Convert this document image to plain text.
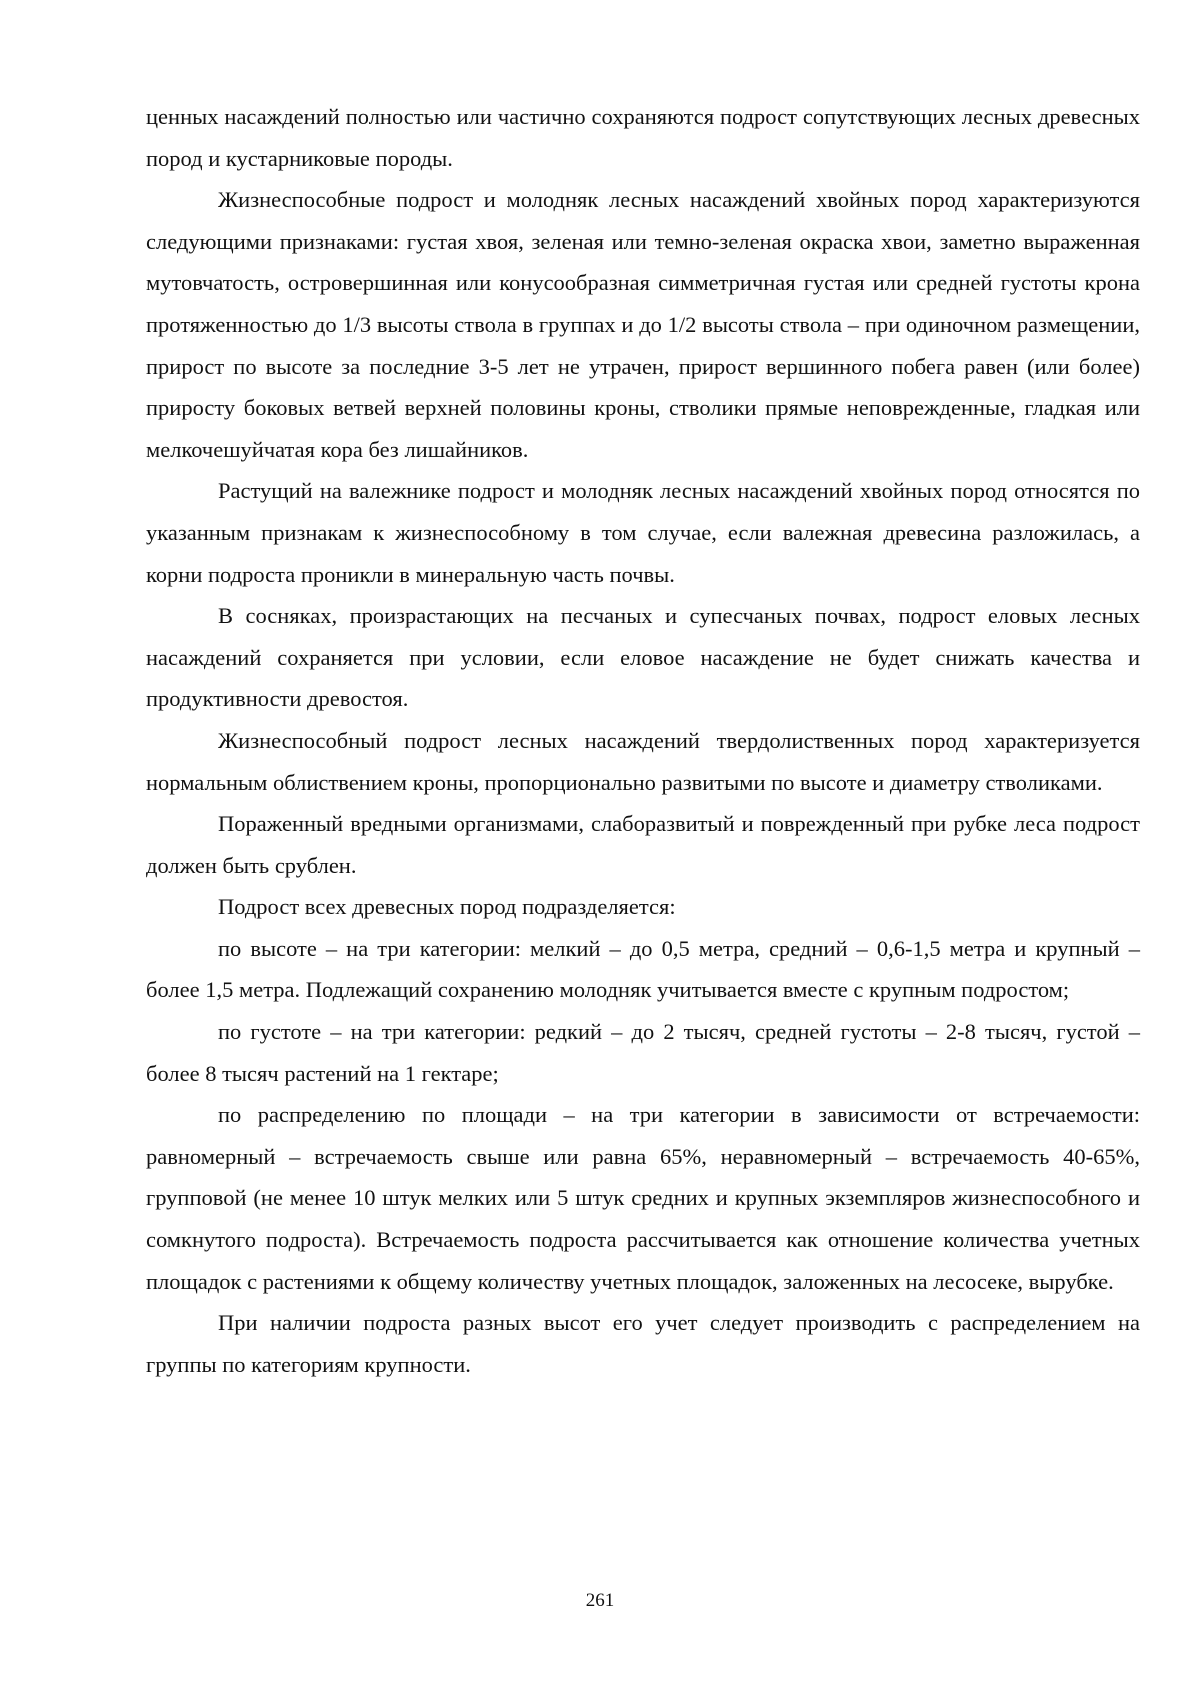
ценных насаждений полностью или частично сохраняются подрост сопутствующих лесных древесных пород и кустарниковые породы.

Жизнеспособные подрост и молодняк лесных насаждений хвойных пород характеризуются следующими признаками: густая хвоя, зеленая или темно-зеленая окраска хвои, заметно выраженная мутовчатость, островершинная или конусообразная симметричная густая или средней густоты крона протяженностью до 1/3 высоты ствола в группах и до 1/2 высоты ствола – при одиночном размещении, прирост по высоте за последние 3-5 лет не утрачен, прирост вершинного побега равен (или более) приросту боковых ветвей верхней половины кроны, стволики прямые неповрежденные, гладкая или мелкочешуйчатая кора без лишайников.

Растущий на валежнике подрост и молодняк лесных насаждений хвойных пород относятся по указанным признакам к жизнеспособному в том случае, если валежная древесина разложилась, а корни подроста проникли в минеральную часть почвы.

В сосняках, произрастающих на песчаных и супесчаных почвах, подрост еловых лесных насаждений сохраняется при условии, если еловое насаждение не будет снижать качества и продуктивности древостоя.

Жизнеспособный подрост лесных насаждений твердолиственных пород характеризуется нормальным облиствением кроны, пропорционально развитыми по высоте и диаметру стволиками.

Пораженный вредными организмами, слаборазвитый и поврежденный при рубке леса подрост должен быть срублен.

Подрост всех древесных пород подразделяется:

по высоте – на три категории: мелкий – до 0,5 метра, средний – 0,6-1,5 метра и крупный – более 1,5 метра. Подлежащий сохранению молодняк учитывается вместе с крупным подростом;

по густоте – на три категории: редкий – до 2 тысяч, средней густоты – 2-8 тысяч, густой – более 8 тысяч растений на 1 гектаре;

по распределению по площади – на три категории в зависимости от встречаемости: равномерный – встречаемость свыше или равна 65%, неравномерный – встречаемость 40-65%, групповой (не менее 10 штук мелких или 5 штук средних и крупных экземпляров жизнеспособного и сомкнутого подроста). Встречаемость подроста рассчитывается как отношение количества учетных площадок с растениями к общему количеству учетных площадок, заложенных на лесосеке, вырубке.

При наличии подроста разных высот его учет следует производить с распределением на группы по категориям крупности.

261
